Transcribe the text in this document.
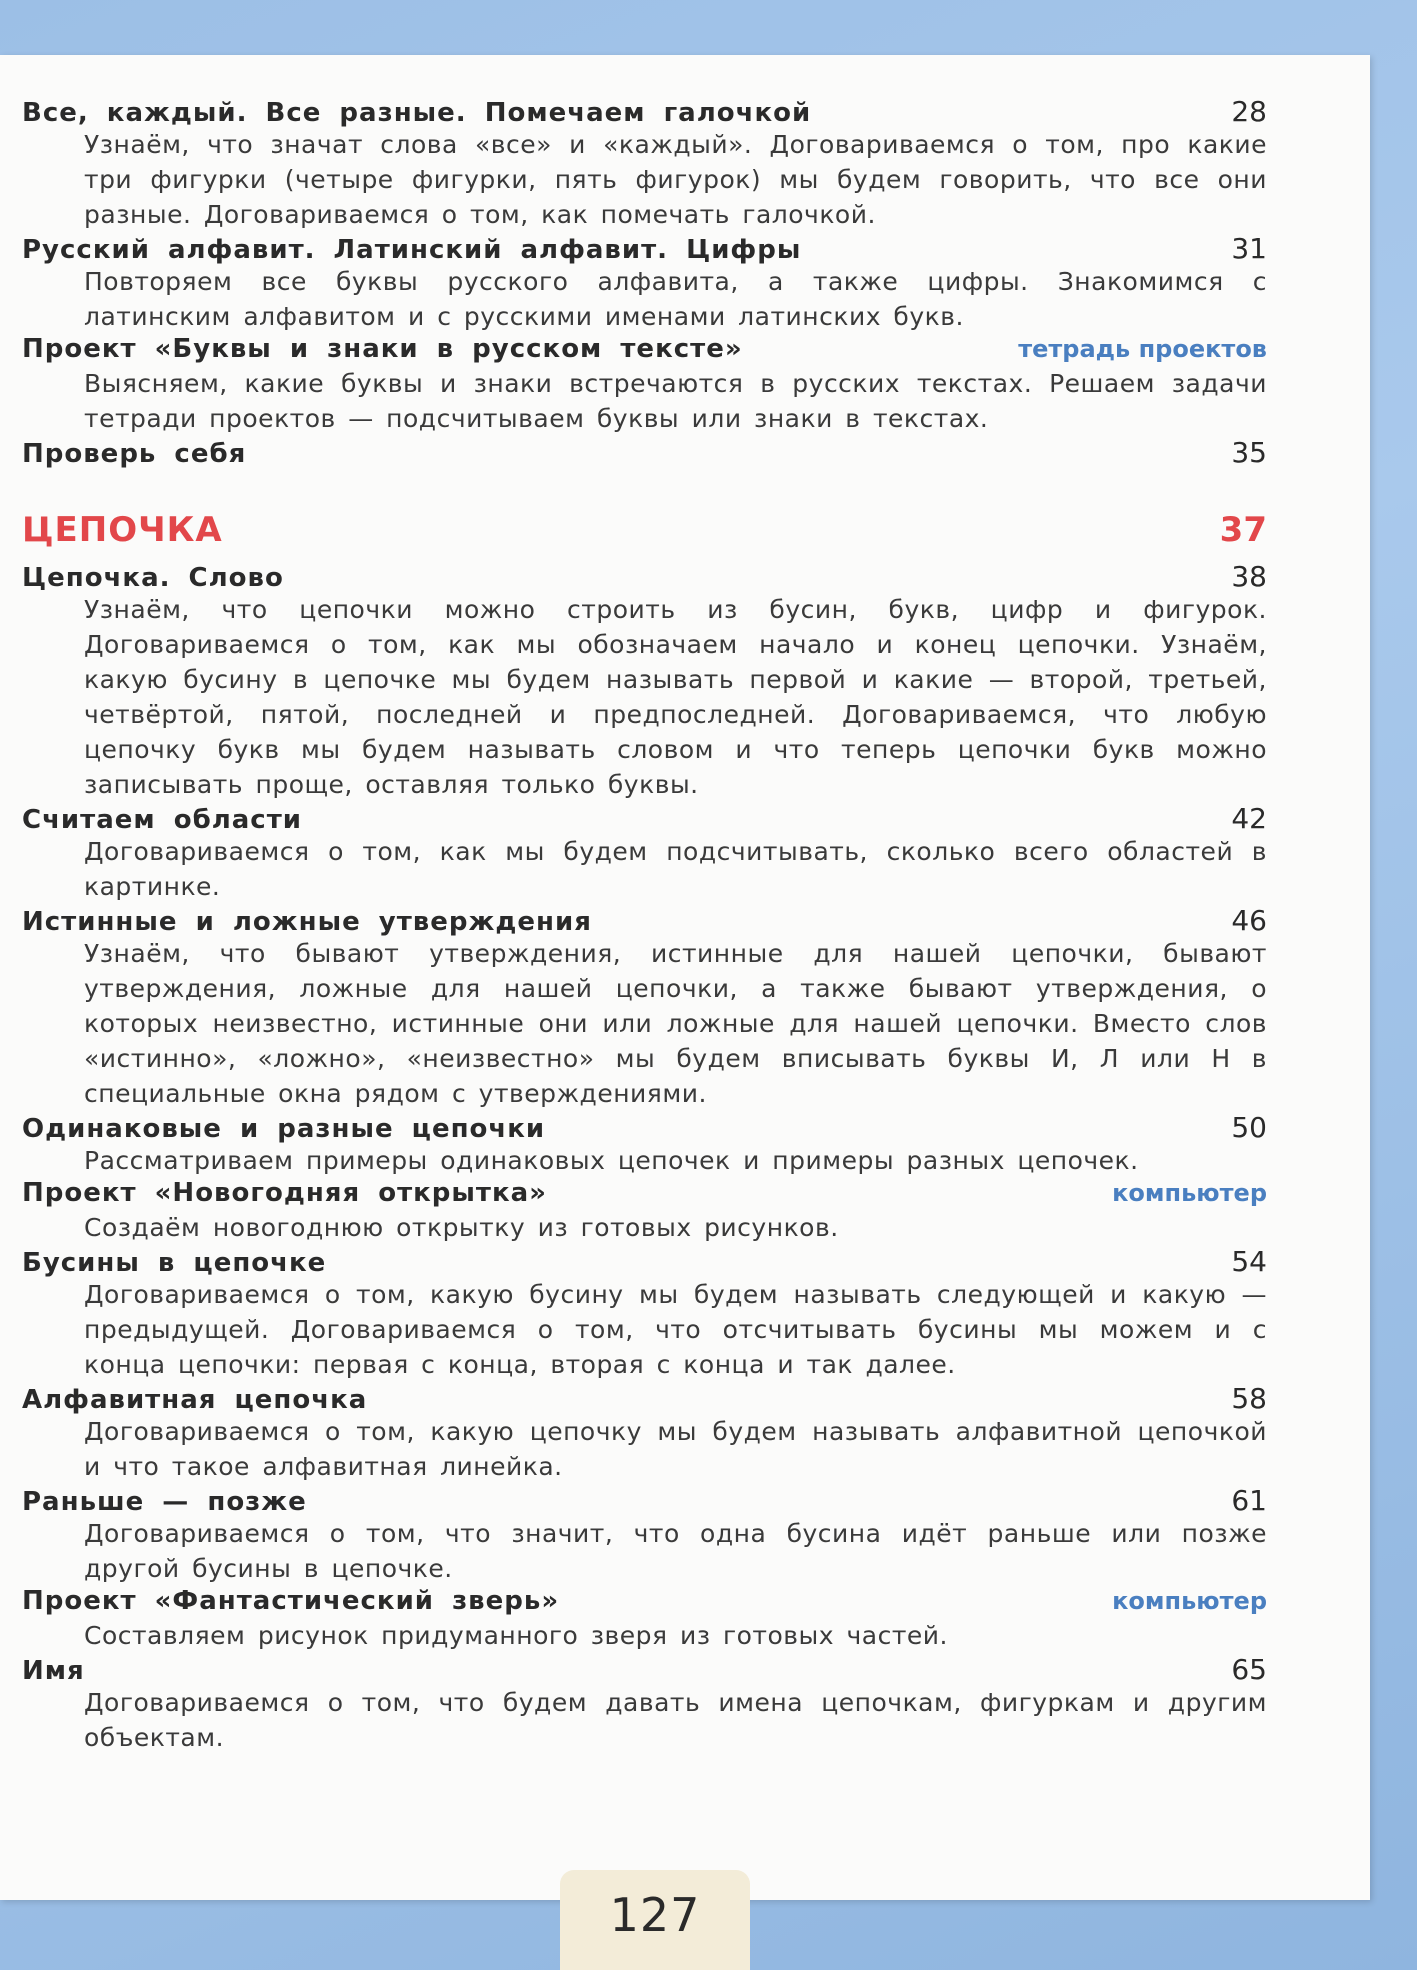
Все, каждый. Все разные. Помечаем галочкой	28
Узнаём, что значат слова «все» и «каждый». Договариваемся о том, про какие три фигурки (четыре фигурки, пять фигурок) мы будем говорить, что все они разные. Договариваемся о том, как помечать галочкой.
Русский алфавит. Латинский алфавит. Цифры	31
Повторяем все буквы русского алфавита, а также цифры. Знакомимся с латинским алфавитом и с русскими именами латинских букв.
Проект «Буквы и знаки в русском тексте»	тетрадь проектов
Выясняем, какие буквы и знаки встречаются в русских текстах. Решаем задачи тетради проектов — подсчитываем буквы или знаки в текстах.
Проверь себя	35
ЦЕПОЧКА	37
Цепочка. Слово	38
Узнаём, что цепочки можно строить из бусин, букв, цифр и фигурок. Договариваемся о том, как мы обозначаем начало и конец цепочки. Узнаём, какую бусину в цепочке мы будем называть первой и какие — второй, третьей, четвёртой, пятой, последней и предпоследней. Договариваемся, что любую цепочку букв мы будем называть словом и что теперь цепочки букв можно записывать проще, оставляя только буквы.
Считаем области	42
Договариваемся о том, как мы будем подсчитывать, сколько всего областей в картинке.
Истинные и ложные утверждения	46
Узнаём, что бывают утверждения, истинные для нашей цепочки, бывают утверждения, ложные для нашей цепочки, а также бывают утверждения, о которых неизвестно, истинные они или ложные для нашей цепочки. Вместо слов «истинно», «ложно», «неизвестно» мы будем вписывать буквы И, Л или Н в специальные окна рядом с утверждениями.
Одинаковые и разные цепочки	50
Рассматриваем примеры одинаковых цепочек и примеры разных цепочек.
Проект «Новогодняя открытка»	компьютер
Создаём новогоднюю открытку из готовых рисунков.
Бусины в цепочке	54
Договариваемся о том, какую бусину мы будем называть следующей и какую — предыдущей. Договариваемся о том, что отсчитывать бусины мы можем и с конца цепочки: первая с конца, вторая с конца и так далее.
Алфавитная цепочка	58
Договариваемся о том, какую цепочку мы будем называть алфавитной цепочкой и что такое алфавитная линейка.
Раньше — позже	61
Договариваемся о том, что значит, что одна бусина идёт раньше или позже другой бусины в цепочке.
Проект «Фантастический зверь»	компьютер
Составляем рисунок придуманного зверя из готовых частей.
Имя	65
Договариваемся о том, что будем давать имена цепочкам, фигуркам и другим объектам.
127
